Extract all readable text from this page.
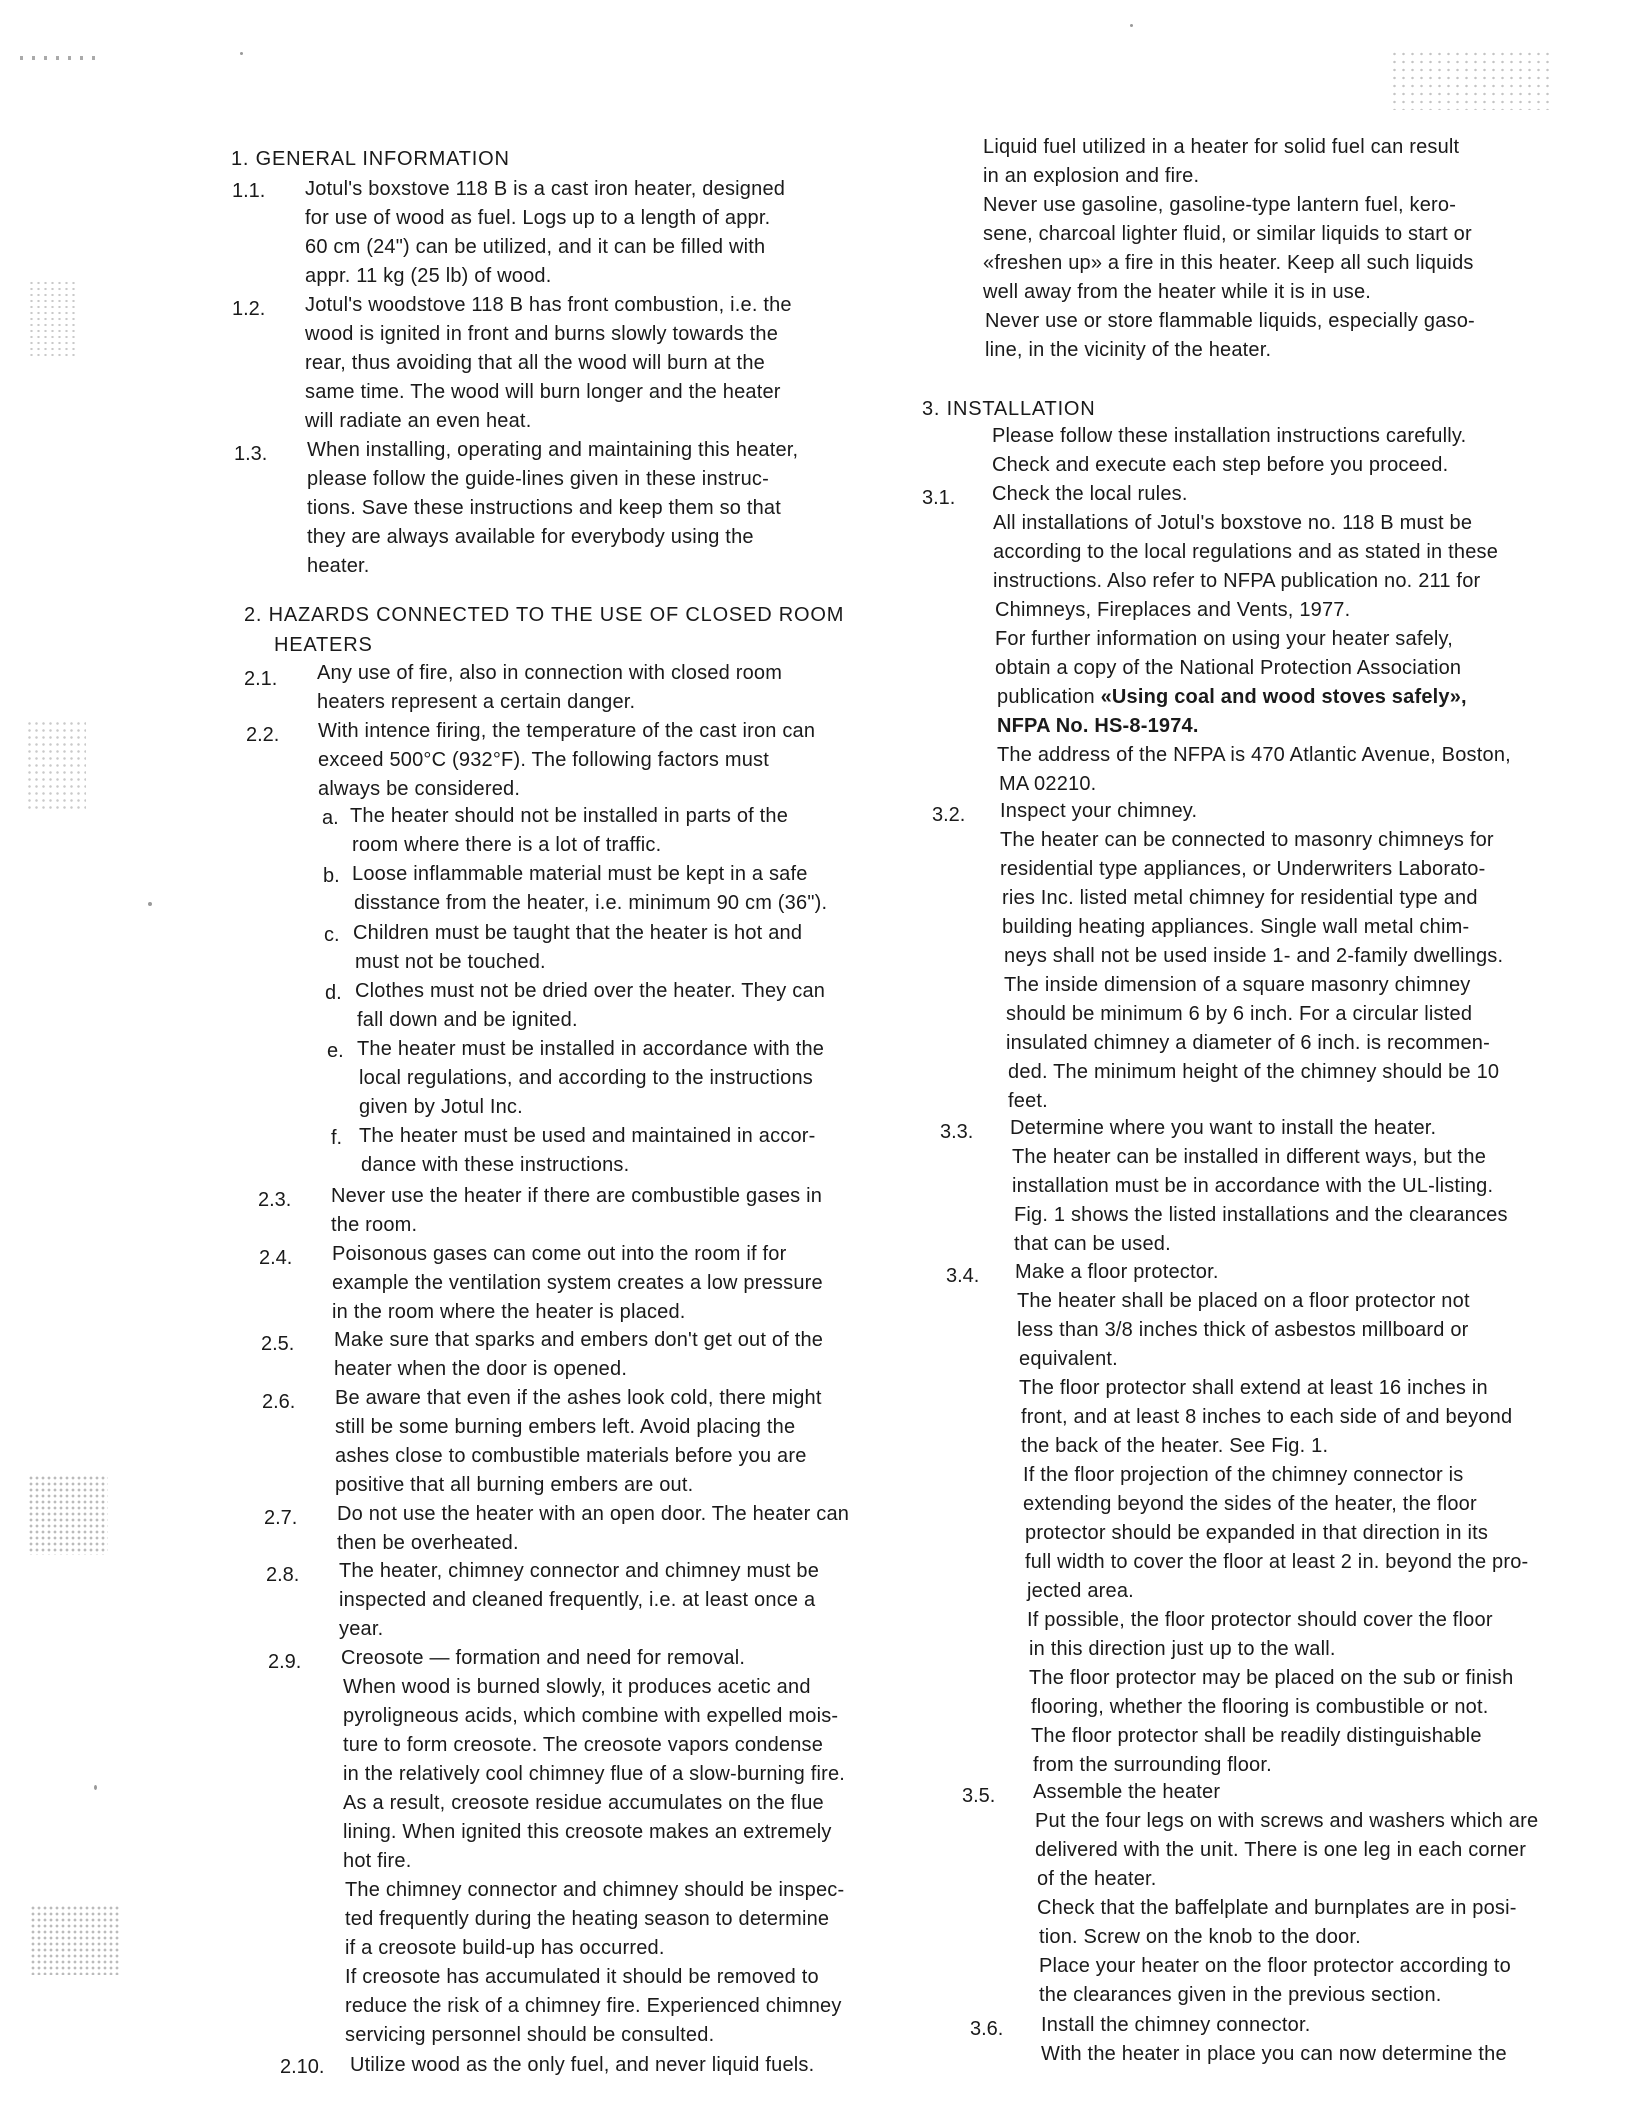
1. GENERAL INFORMATION
1.1. Jotul's boxstove 118 B is a cast iron heater, designed
for use of wood as fuel. Logs up to a length of appr.
60 cm (24") can be utilized, and it can be filled with
appr. 11 kg (25 lb) of wood.
1.2. Jotul's woodstove 118 B has front combustion, i.e. the
wood is ignited in front and burns slowly towards the
rear, thus avoiding that all the wood will burn at the
same time. The wood will burn longer and the heater
will radiate an even heat.
1.3. When installing, operating and maintaining this heater,
please follow the guide-lines given in these instruc-
tions. Save these instructions and keep them so that
they are always available for everybody using the
heater.
2. HAZARDS CONNECTED TO THE USE OF CLOSED ROOM
HEATERS
2.1. Any use of fire, also in connection with closed room
heaters represent a certain danger.
2.2. With intence firing, the temperature of the cast iron can
exceed 500°C (932°F). The following factors must
always be considered.
a. The heater should not be installed in parts of the
room where there is a lot of traffic.
b. Loose inflammable material must be kept in a safe
disstance from the heater, i.e. minimum 90 cm (36").
c. Children must be taught that the heater is hot and
must not be touched.
d. Clothes must not be dried over the heater. They can
fall down and be ignited.
e. The heater must be installed in accordance with the
local regulations, and according to the instructions
given by Jotul Inc.
f. The heater must be used and maintained in accor-
dance with these instructions.
2.3. Never use the heater if there are combustible gases in
the room.
2.4. Poisonous gases can come out into the room if for
example the ventilation system creates a low pressure
in the room where the heater is placed.
2.5. Make sure that sparks and embers don't get out of the
heater when the door is opened.
2.6. Be aware that even if the ashes look cold, there might
still be some burning embers left. Avoid placing the
ashes close to combustible materials before you are
positive that all burning embers are out.
2.7. Do not use the heater with an open door. The heater can
then be overheated.
2.8. The heater, chimney connector and chimney must be
inspected and cleaned frequently, i.e. at least once a
year.
2.9. Creosote — formation and need for removal.
When wood is burned slowly, it produces acetic and
pyroligneous acids, which combine with expelled mois-
ture to form creosote. The creosote vapors condense
in the relatively cool chimney flue of a slow-burning fire.
As a result, creosote residue accumulates on the flue
lining. When ignited this creosote makes an extremely
hot fire.
The chimney connector and chimney should be inspec-
ted frequently during the heating season to determine
if a creosote build-up has occurred.
If creosote has accumulated it should be removed to
reduce the risk of a chimney fire. Experienced chimney
servicing personnel should be consulted.
2.10. Utilize wood as the only fuel, and never liquid fuels.
Liquid fuel utilized in a heater for solid fuel can result
in an explosion and fire.
Never use gasoline, gasoline-type lantern fuel, kero-
sene, charcoal lighter fluid, or similar liquids to start or
«freshen up» a fire in this heater. Keep all such liquids
well away from the heater while it is in use.
Never use or store flammable liquids, especially gaso-
line, in the vicinity of the heater.
3. INSTALLATION
Please follow these installation instructions carefully.
Check and execute each step before you proceed.
3.1. Check the local rules.
All installations of Jotul's boxstove no. 118 B must be
according to the local regulations and as stated in these
instructions. Also refer to NFPA publication no. 211 for
Chimneys, Fireplaces and Vents, 1977.
For further information on using your heater safely,
obtain a copy of the National Protection Association
publication «Using coal and wood stoves safely»,
NFPA No. HS-8-1974.
The address of the NFPA is 470 Atlantic Avenue, Boston,
MA 02210.
3.2. Inspect your chimney.
The heater can be connected to masonry chimneys for
residential type appliances, or Underwriters Laborato-
ries Inc. listed metal chimney for residential type and
building heating appliances. Single wall metal chim-
neys shall not be used inside 1- and 2-family dwellings.
The inside dimension of a square masonry chimney
should be minimum 6 by 6 inch. For a circular listed
insulated chimney a diameter of 6 inch. is recommen-
ded. The minimum height of the chimney should be 10
feet.
3.3. Determine where you want to install the heater.
The heater can be installed in different ways, but the
installation must be in accordance with the UL-listing.
Fig. 1 shows the listed installations and the clearances
that can be used.
3.4. Make a floor protector.
The heater shall be placed on a floor protector not
less than 3/8 inches thick of asbestos millboard or
equivalent.
The floor protector shall extend at least 16 inches in
front, and at least 8 inches to each side of and beyond
the back of the heater. See Fig. 1.
If the floor projection of the chimney connector is
extending beyond the sides of the heater, the floor
protector should be expanded in that direction in its
full width to cover the floor at least 2 in. beyond the pro-
jected area.
If possible, the floor protector should cover the floor
in this direction just up to the wall.
The floor protector may be placed on the sub or finish
flooring, whether the flooring is combustible or not.
The floor protector shall be readily distinguishable
from the surrounding floor.
3.5. Assemble the heater
Put the four legs on with screws and washers which are
delivered with the unit. There is one leg in each corner
of the heater.
Check that the baffelplate and burnplates are in posi-
tion. Screw on the knob to the door.
Place your heater on the floor protector according to
the clearances given in the previous section.
3.6. Install the chimney connector.
With the heater in place you can now determine the
